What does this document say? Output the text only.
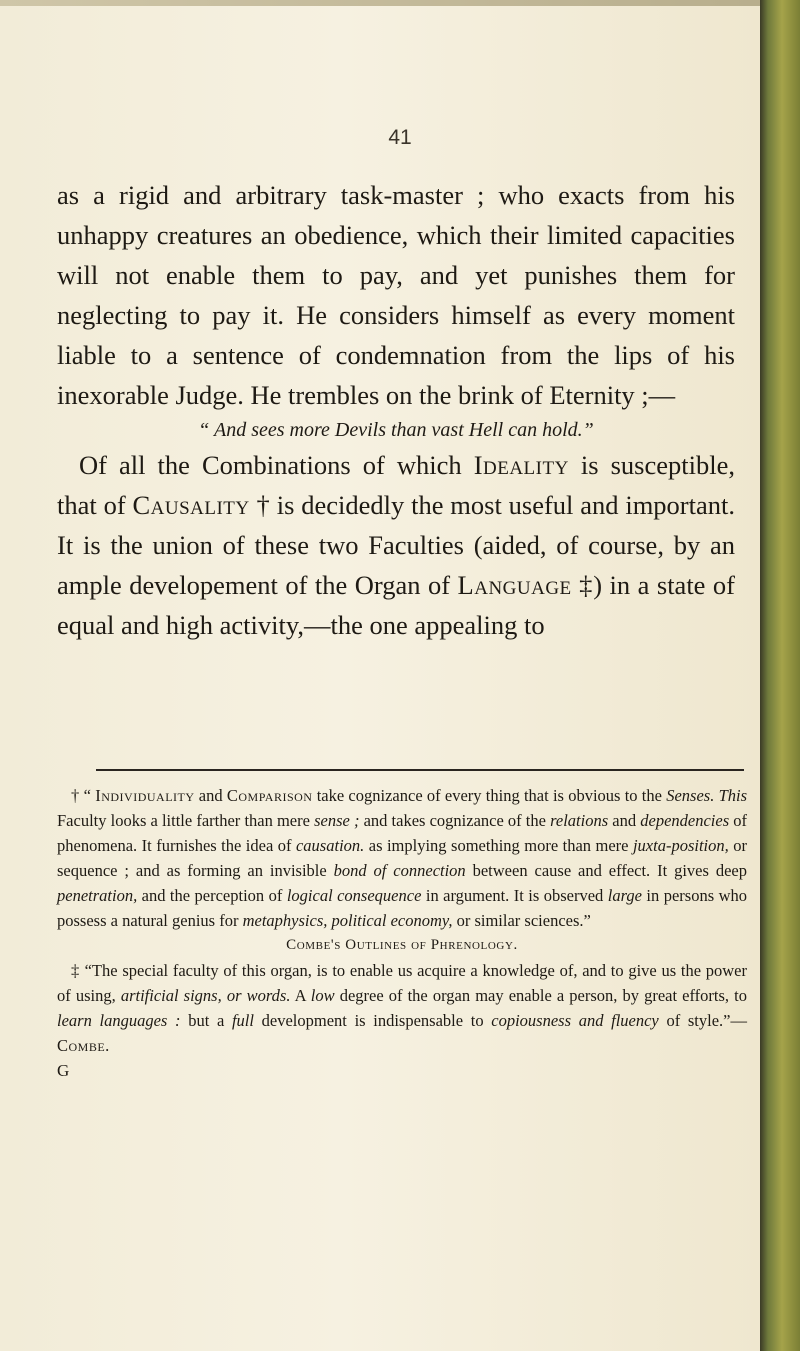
41

as a rigid and arbitrary task-master ; who exacts from his unhappy creatures an obedience, which their limited capacities will not enable them to pay, and yet punishes them for neglecting to pay it. He considers himself as every moment liable to a sentence of condemnation from the lips of his inexorable Judge. He trembles on the brink of Eternity ;—

“ And sees more Devils than vast Hell can hold.”

Of all the Combinations of which Ideality is susceptible, that of Causality † is decidedly the most useful and important. It is the union of these two Faculties (aided, of course, by an ample developement of the Organ of Language ‡) in a state of equal and high activity,—the one appealing to

† “ Individuality and Comparison take cognizance of every thing that is obvious to the Senses. This Faculty looks a little farther than mere sense ; and takes cognizance of the relations and dependencies of phenomena. It furnishes the idea of causation. as implying something more than mere juxta-position, or sequence ; and as forming an invisible bond of connection between cause and effect. It gives deep penetration, and the perception of logical consequence in argument. It is observed large in persons who possess a natural genius for metaphysics, political economy, or similar sciences.”

Combe's Outlines of Phrenology.

‡ “The special faculty of this organ, is to enable us acquire a knowledge of, and to give us the power of using, artificial signs, or words. A low degree of the organ may enable a person, by great efforts, to learn languages : but a full development is indispensable to copiousness and fluency of style.”—Combe.

G
